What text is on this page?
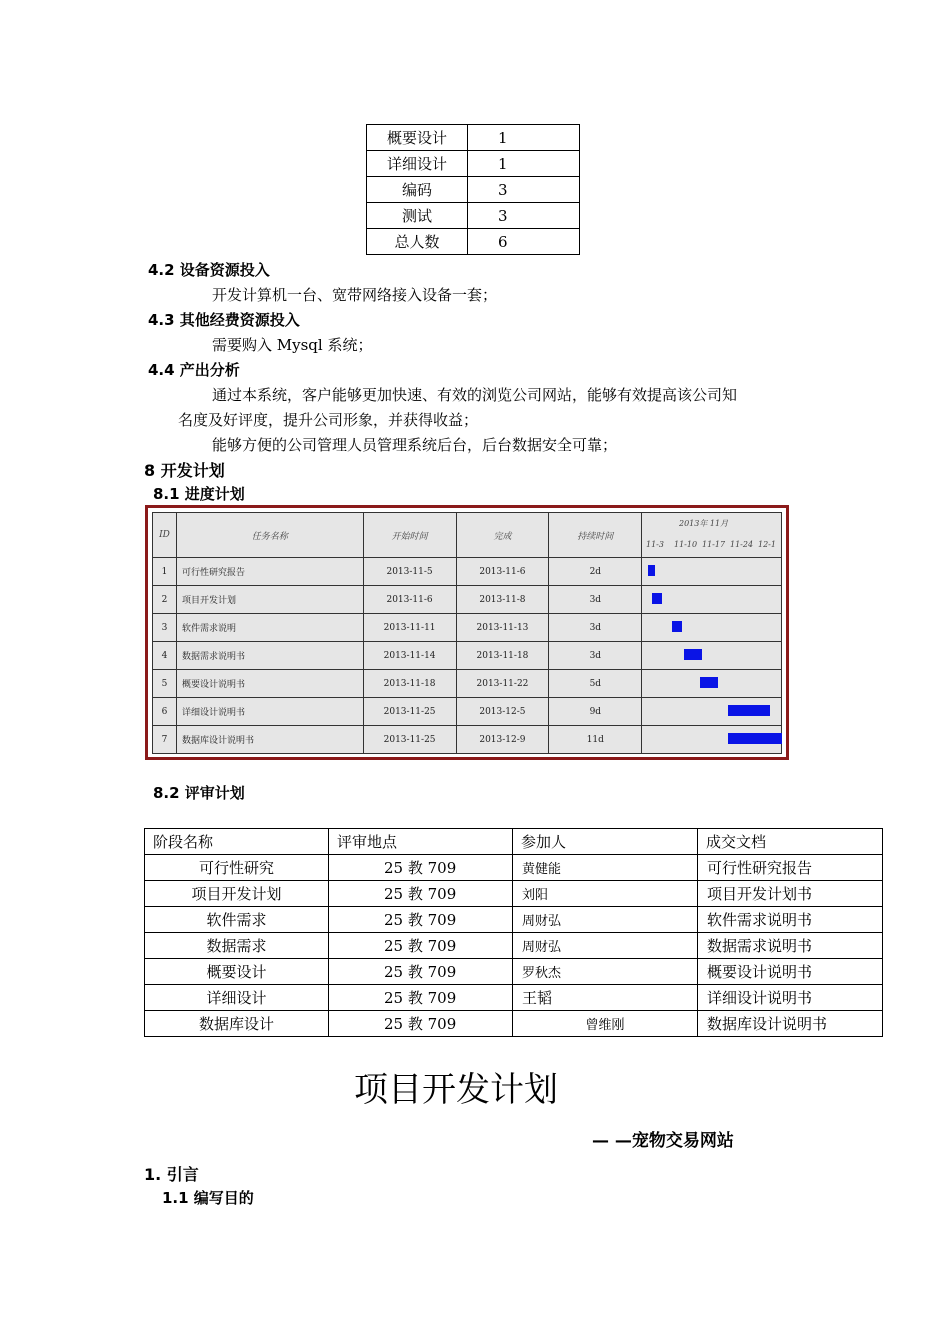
概要设计	1
详细设计	1
编码	3
测试	3
总人数	6
4.2 设备资源投入
开发计算机一台、宽带网络接入设备一套；
4.3 其他经费资源投入
需要购入 Mysql 系统；
4.4 产出分析
通过本系统，客户能够更加快速、有效的浏览公司网站，能够有效提高该公司知
名度及好评度，提升公司形象，并获得收益；
能够方便的公司管理人员管理系统后台，后台数据安全可靠；
8 开发计划
8.1 进度计划
ID	任务名称	开始时间	完成	持续时间	
1	可行性研究报告	2013-11-5	2013-11-6	2d	
2	项目开发计划	2013-11-6	2013-11-8	3d	
3	软件需求说明	2013-11-11	2013-11-13	3d	
4	数据需求说明书	2013-11-14	2013-11-18	3d	
5	概要设计说明书	2013-11-18	2013-11-22	5d	
6	详细设计说明书	2013-11-25	2013-12-5	9d	
7	数据库设计说明书	2013-11-25	2013-12-9	11d	
2013年 11月
11-3 11-10 11-17 11-24 12-1
8.2 评审计划
阶段名称	评审地点	参加人	成交文档
可行性研究	25 教 709	黄健能	可行性研究报告
项目开发计划	25 教 709	刘阳	项目开发计划书
软件需求	25 教 709	周财弘	软件需求说明书
数据需求	25 教 709	周财弘	数据需求说明书
概要设计	25 教 709	罗秋杰	概要设计说明书
详细设计	25 教 709	王韬	详细设计说明书
数据库设计	25 教 709	曾维刚	数据库设计说明书
项目开发计划
— —宠物交易网站
1. 引言
1.1 编写目的
